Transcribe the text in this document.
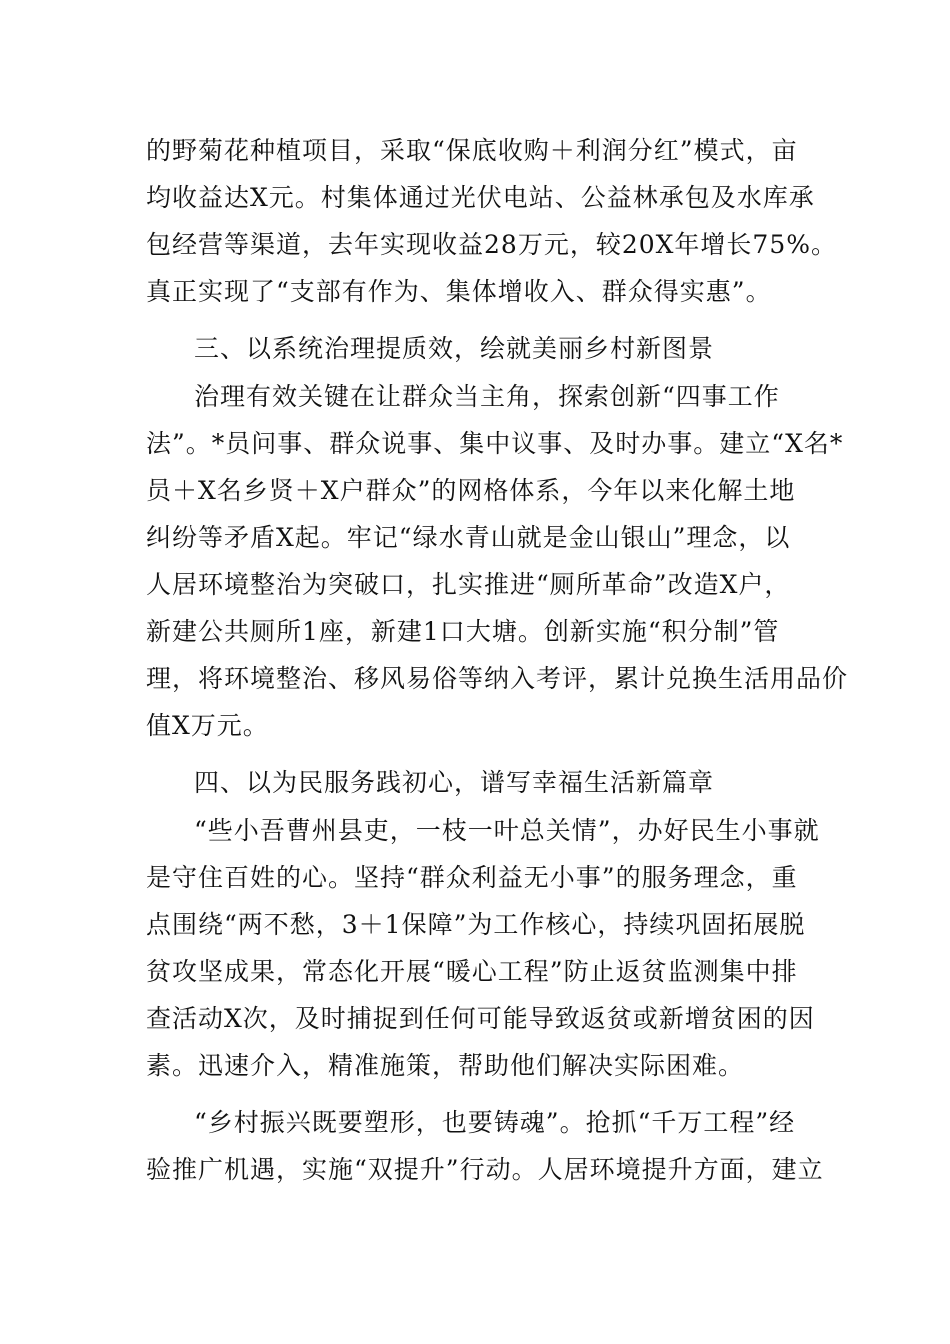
的野菊花种植项目，采取“保底收购＋利润分红”模式，亩
均收益达X元。村集体通过光伏电站、公益林承包及水库承
包经营等渠道，去年实现收益28万元，较20X年增长75%。
真正实现了“支部有作为、集体增收入、群众得实惠”。
三、以系统治理提质效，绘就美丽乡村新图景
治理有效关键在让群众当主角，探索创新“四事工作
法”。*员问事、群众说事、集中议事、及时办事。建立“X名*
员＋X名乡贤＋X户群众”的网格体系，今年以来化解土地
纠纷等矛盾X起。牢记“绿水青山就是金山银山”理念，以
人居环境整治为突破口，扎实推进“厕所革命”改造X户，
新建公共厕所1座，新建1口大塘。创新实施“积分制”管
理，将环境整治、移风易俗等纳入考评，累计兑换生活用品价
值X万元。
四、以为民服务践初心，谱写幸福生活新篇章
“些小吾曹州县吏，一枝一叶总关情”，办好民生小事就
是守住百姓的心。坚持“群众利益无小事”的服务理念，重
点围绕“两不愁，3＋1保障”为工作核心，持续巩固拓展脱
贫攻坚成果，常态化开展“暖心工程”防止返贫监测集中排
查活动X次，及时捕捉到任何可能导致返贫或新增贫困的因
素。迅速介入，精准施策，帮助他们解决实际困难。
“乡村振兴既要塑形，也要铸魂”。抢抓“千万工程”经
验推广机遇，实施“双提升”行动。人居环境提升方面，建立
